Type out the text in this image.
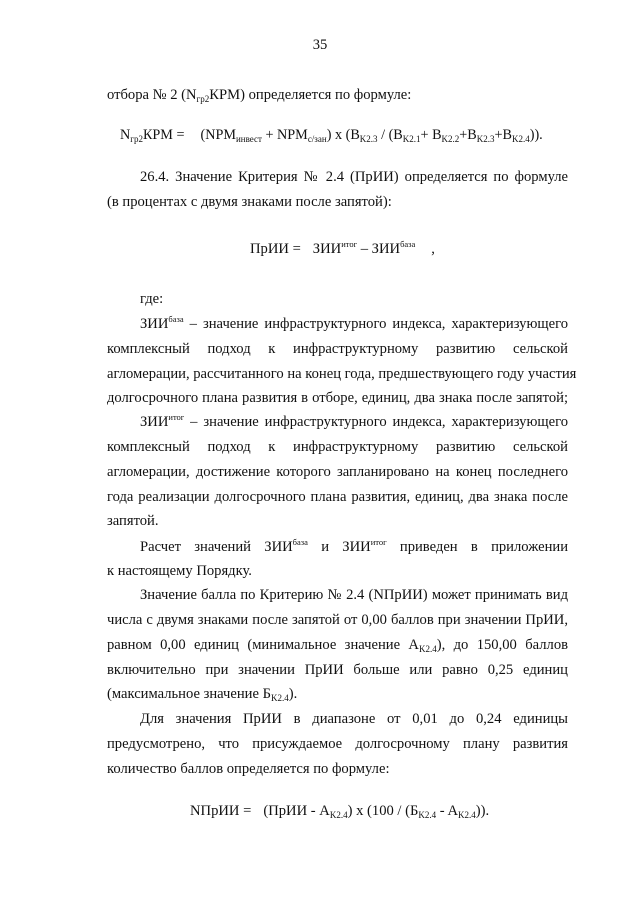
35
отбора № 2 $(N_{гр2}КРМ)$ определяется по формуле:
$N_{гр2}КРМ = (NPM_{инвест} + NPM_{с/зан})$ x $(B_{K2.3} / (B_{K2.1}+ B_{K2.2}+B_{K2.3}+B_{K2.4}))$.
26.4. Значение Критерия № 2.4 (ПрИИ) определяется по формуле
(в процентах с двумя знаками после запятой):
ПрИИ = $ЗИИ^{итог} - ЗИИ^{база}$ ,
где:
$ЗИИ^{база}$ – значение инфраструктурного индекса, характеризующего
комплексный подход к инфраструктурному развитию сельской
агломерации, рассчитанного на конец года, предшествующего году участия
долгосрочного плана развития в отборе, единиц, два знака после запятой;
$ЗИИ^{итог}$ – значение инфраструктурного индекса, характеризующего
комплексный подход к инфраструктурному развитию сельской
агломерации, достижение которого запланировано на конец последнего
года реализации долгосрочного плана развития, единиц, два знака после
запятой.
Расчет значений $ЗИИ^{база}$ и $ЗИИ^{итог}$ приведен в приложении
к настоящему Порядку.
Значение балла по Критерию № 2.4 (NПрИИ) может принимать вид
числа с двумя знаками после запятой от 0,00 баллов при значении ПрИИ,
равном 0,00 единиц (минимальное значение $A_{K2.4}$), до 150,00 баллов
включительно при значении ПрИИ больше или равно 0,25 единиц
(максимальное значение $Б_{K2.4}$).
Для значения ПрИИ в диапазоне от 0,01 до 0,24 единицы
предусмотрено, что присуждаемое долгосрочному плану развития
количество баллов определяется по формуле:
NПрИИ = (ПрИИ - $A_{K2.4}$) x $(100 / (Б_{K2.4} - A_{K2.4}))$.
